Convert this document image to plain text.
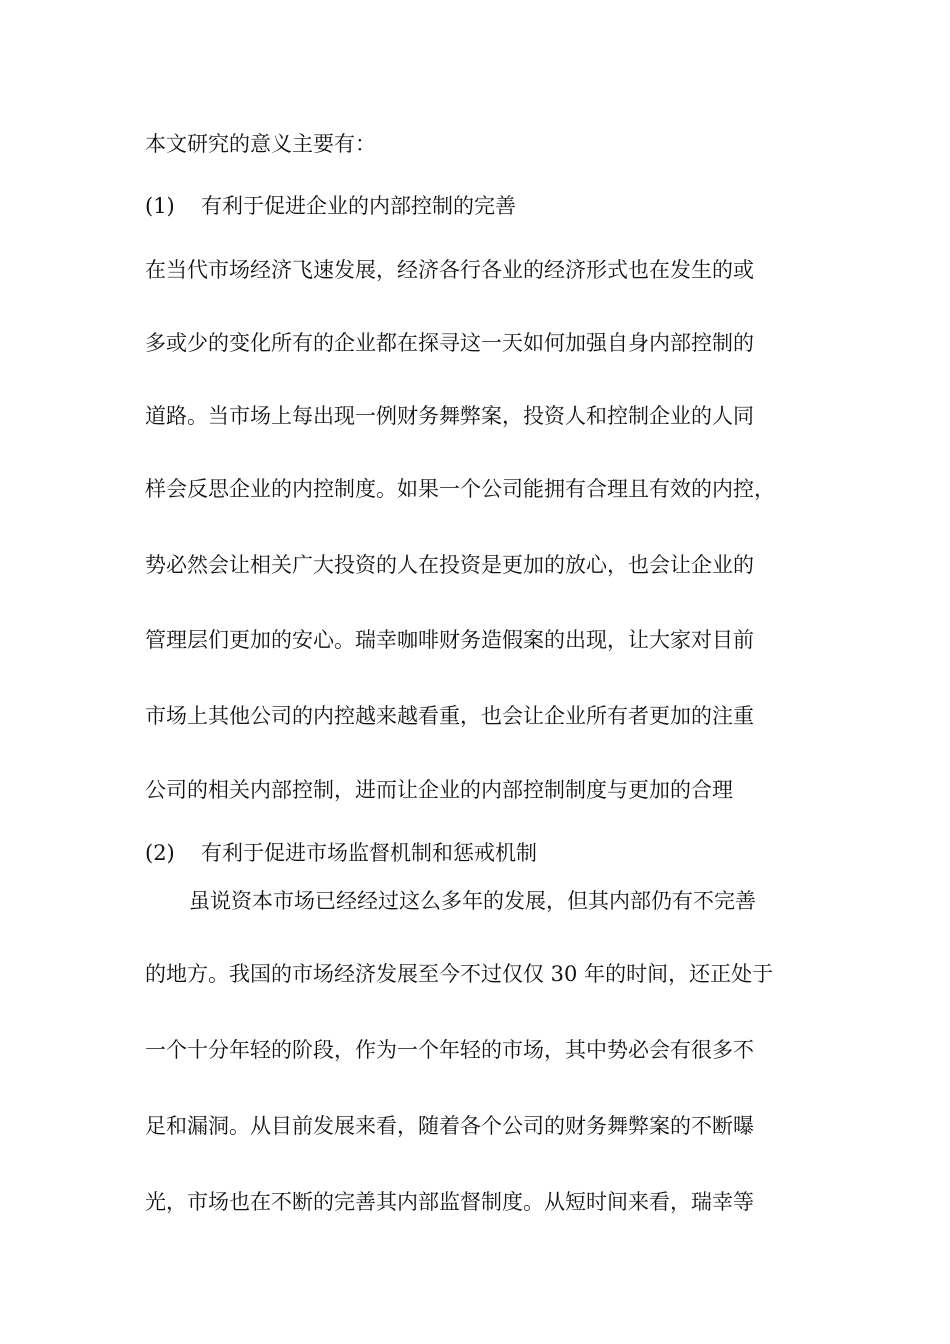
本文研究的意义主要有：
(1) 有利于促进企业的内部控制的完善
在当代市场经济飞速发展，经济各行各业的经济形式也在发生的或
多或少的变化所有的企业都在探寻这一天如何加强自身内部控制的
道路。当市场上每出现一例财务舞弊案，投资人和控制企业的人同
样会反思企业的内控制度。如果一个公司能拥有合理且有效的内控，
势必然会让相关广大投资的人在投资是更加的放心，也会让企业的
管理层们更加的安心。瑞幸咖啡财务造假案的出现，让大家对目前
市场上其他公司的内控越来越看重，也会让企业所有者更加的注重
公司的相关内部控制，进而让企业的内部控制制度与更加的合理
(2) 有利于促进市场监督机制和惩戒机制
虽说资本市场已经经过这么多年的发展，但其内部仍有不完善
的地方。我国的市场经济发展至今不过仅仅 30 年的时间，还正处于
一个十分年轻的阶段，作为一个年轻的市场，其中势必会有很多不
足和漏洞。从目前发展来看，随着各个公司的财务舞弊案的不断曝
光，市场也在不断的完善其内部监督制度。从短时间来看，瑞幸等
